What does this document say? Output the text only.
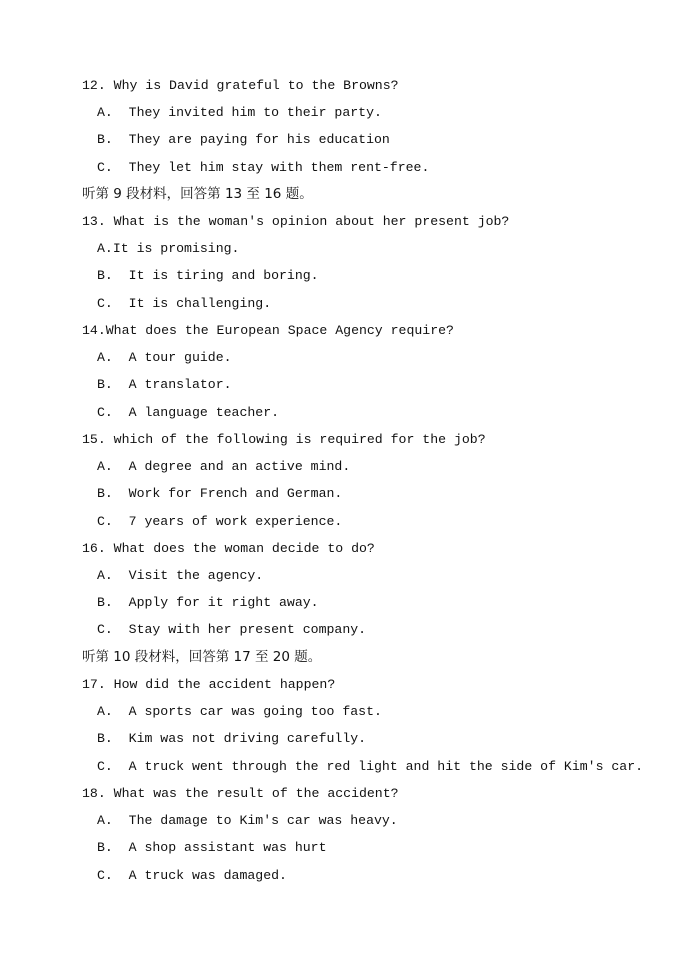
12. Why is David grateful to the Browns?
A.  They invited him to their party.
B.  They are paying for his education
C.  They let him stay with them rent-free.
听第 9 段材料，回答第 13 至 16 题。
13. What is the woman's opinion about her present job?
A.It is promising.
B.  It is tiring and boring.
C.  It is challenging.
14.What does the European Space Agency require?
A.  A tour guide.
B.  A translator.
C.  A language teacher.
15. which of the following is required for the job?
A.  A degree and an active mind.
B.  Work for French and German.
C.  7 years of work experience.
16. What does the woman decide to do?
A.  Visit the agency.
B.  Apply for it right away.
C.  Stay with her present company.
听第 10 段材料，回答第 17 至 20 题。
17. How did the accident happen?
A.  A sports car was going too fast.
B.  Kim was not driving carefully.
C.  A truck went through the red light and hit the side of Kim's car.
18. What was the result of the accident?
A.  The damage to Kim's car was heavy.
B.  A shop assistant was hurt
C.  A truck was damaged.
